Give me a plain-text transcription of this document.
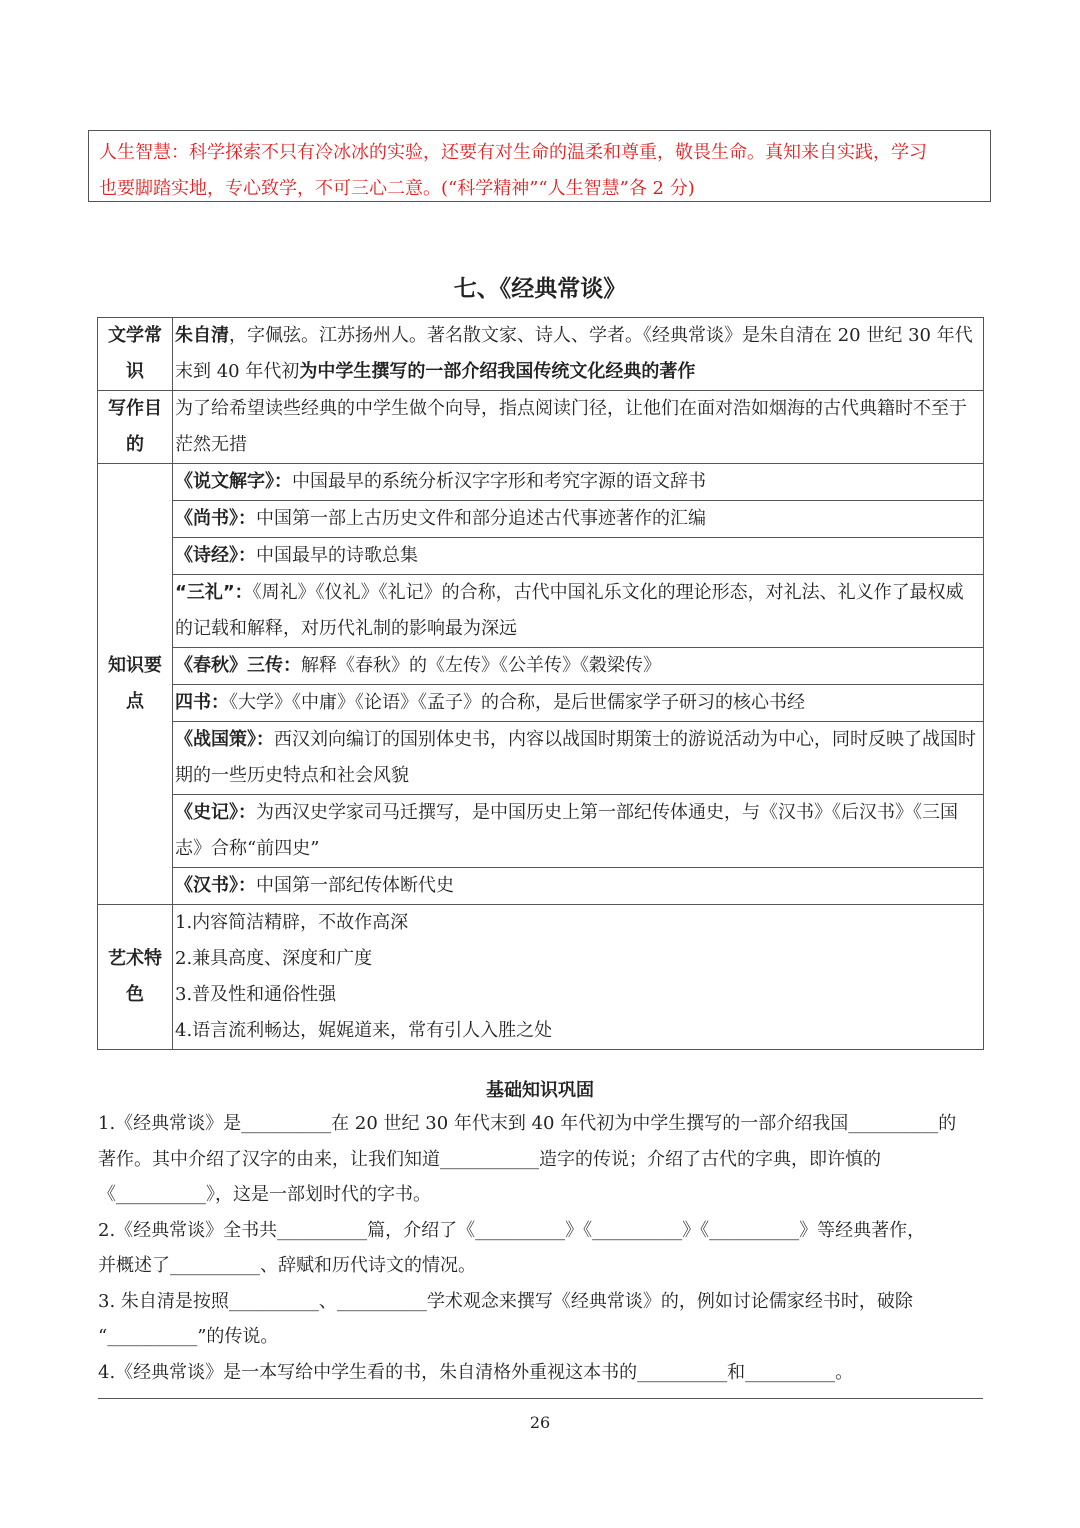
人生智慧：科学探索不只有冷冰冰的实验，还要有对生命的温柔和尊重，敬畏生命。真知来自实践，学习
也要脚踏实地，专心致学，不可三心二意。(“科学精神”“人生智慧”各 2 分)
七、《经典常谈》
文学常识	朱自清，字佩弦。江苏扬州人。著名散文家、诗人、学者。《经典常谈》是朱自清在 20 世纪 30 年代末到 40 年代初为中学生撰写的一部介绍我国传统文化经典的著作
写作目的	为了给希望读些经典的中学生做个向导，指点阅读门径，让他们在面对浩如烟海的古代典籍时不至于茫然无措
知识要点	《说文解字》：中国最早的系统分析汉字字形和考究字源的语文辞书
	《尚书》：中国第一部上古历史文件和部分追述古代事迹著作的汇编
	《诗经》：中国最早的诗歌总集
	“三礼”：《周礼》《仪礼》《礼记》的合称，古代中国礼乐文化的理论形态，对礼法、礼义作了最权威的记载和解释，对历代礼制的影响最为深远
	《春秋》三传：解释《春秋》的《左传》《公羊传》《穀梁传》
	四书：《大学》《中庸》《论语》《孟子》的合称，是后世儒家学子研习的核心书经
	《战国策》：西汉刘向编订的国别体史书，内容以战国时期策士的游说活动为中心，同时反映了战国时期的一些历史特点和社会风貌
	《史记》：为西汉史学家司马迁撰写，是中国历史上第一部纪传体通史，与《汉书》《后汉书》《三国志》合称“前四史”
	《汉书》：中国第一部纪传体断代史
艺术特色	1.内容简洁精辟，不故作高深
2.兼具高度、深度和广度
3.普及性和通俗性强
4.语言流利畅达，娓娓道来，常有引人入胜之处
基础知识巩固
1.《经典常谈》是__________在 20 世纪 30 年代末到 40 年代初为中学生撰写的一部介绍我国__________的
著作。其中介绍了汉字的由来，让我们知道___________造字的传说；介绍了古代的字典，即许慎的
《__________》，这是一部划时代的字书。
2.《经典常谈》全书共__________篇，介绍了《__________》《__________》《__________》等经典著作，
并概述了__________、辞赋和历代诗文的情况。
3. 朱自清是按照__________、__________学术观念来撰写《经典常谈》的，例如讨论儒家经书时，破除
“__________”的传说。
4.《经典常谈》是一本写给中学生看的书，朱自清格外重视这本书的__________和__________。
26
